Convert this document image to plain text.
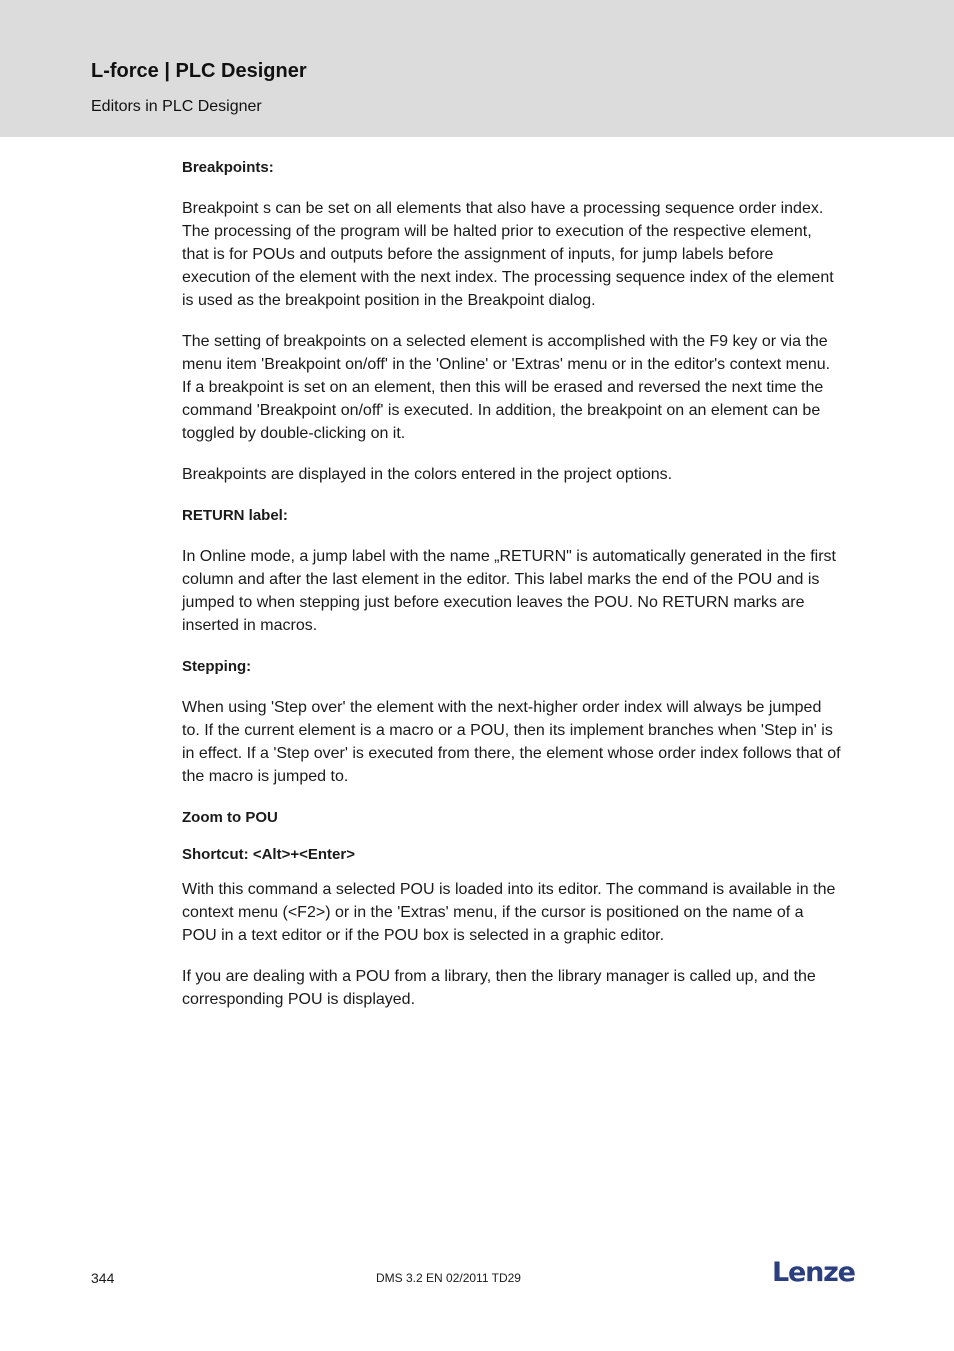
L-force | PLC Designer
Editors in PLC Designer
Breakpoints:

Breakpoint s can be set on all elements that also have a processing sequence order index. The processing of the program will be halted prior to execution of the respective element, that is for POUs and outputs before the assignment of inputs, for jump labels before execution of the element with the next index. The processing sequence index of the element is used as the breakpoint position in the Breakpoint dialog.

The setting of breakpoints on a selected element is accomplished with the F9 key or via the menu item 'Breakpoint on/off' in the 'Online' or 'Extras' menu or in the editor's context menu. If a breakpoint is set on an element, then this will be erased and reversed the next time the command 'Breakpoint on/off' is executed. In addition, the breakpoint on an element can be toggled by double-clicking on it.

Breakpoints are displayed in the colors entered in the project options.

RETURN label:

In Online mode, a jump label with the name „RETURN" is automatically generated in the first column and after the last element in the editor. This label marks the end of the POU and is jumped to when stepping just before execution leaves the POU. No RETURN marks are inserted in macros.

Stepping:

When using 'Step over' the element with the next-higher order index will always be jumped to. If the current element is a macro or a POU, then its implement branches when 'Step in' is in effect. If a 'Step over' is executed from there, the element whose order index follows that of the macro is jumped to.

Zoom to POU
Shortcut: <Alt>+<Enter>

With this command a selected POU is loaded into its editor. The command is available in the context menu (<F2>) or in the 'Extras' menu, if the cursor is positioned on the name of a POU in a text editor or if the POU box is selected in a graphic editor.

If you are dealing with a POU from a library, then the library manager is called up, and the corresponding POU is displayed.

344	DMS 3.2 EN 02/2011 TD29	Lenze
